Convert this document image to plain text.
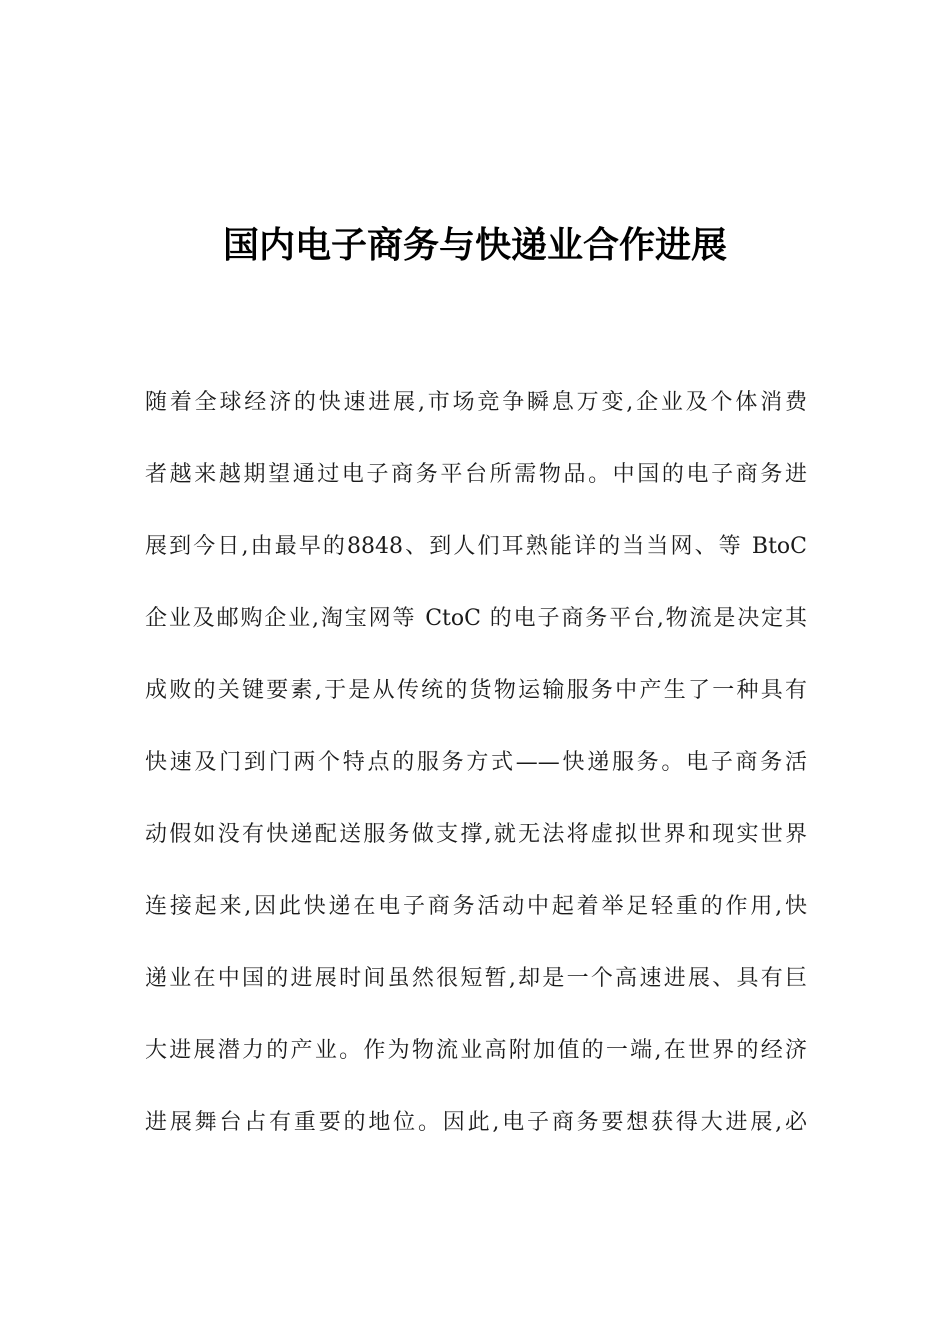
国内电子商务与快递业合作进展
随着全球经济的快速进展,市场竞争瞬息万变,企业及个体消费
者越来越期望通过电子商务平台所需物品。中国的电子商务进
展到今日,由最早的8848、到人们耳熟能详的当当网、等 BtoC
企业及邮购企业,淘宝网等 CtoC 的电子商务平台,物流是决定其
成败的关键要素,于是从传统的货物运输服务中产生了一种具有
快速及门到门两个特点的服务方式——快递服务。电子商务活
动假如没有快递配送服务做支撑,就无法将虚拟世界和现实世界
连接起来,因此快递在电子商务活动中起着举足轻重的作用,快
递业在中国的进展时间虽然很短暂,却是一个高速进展、具有巨
大进展潜力的产业。作为物流业高附加值的一端,在世界的经济
进展舞台占有重要的地位。因此,电子商务要想获得大进展,必
